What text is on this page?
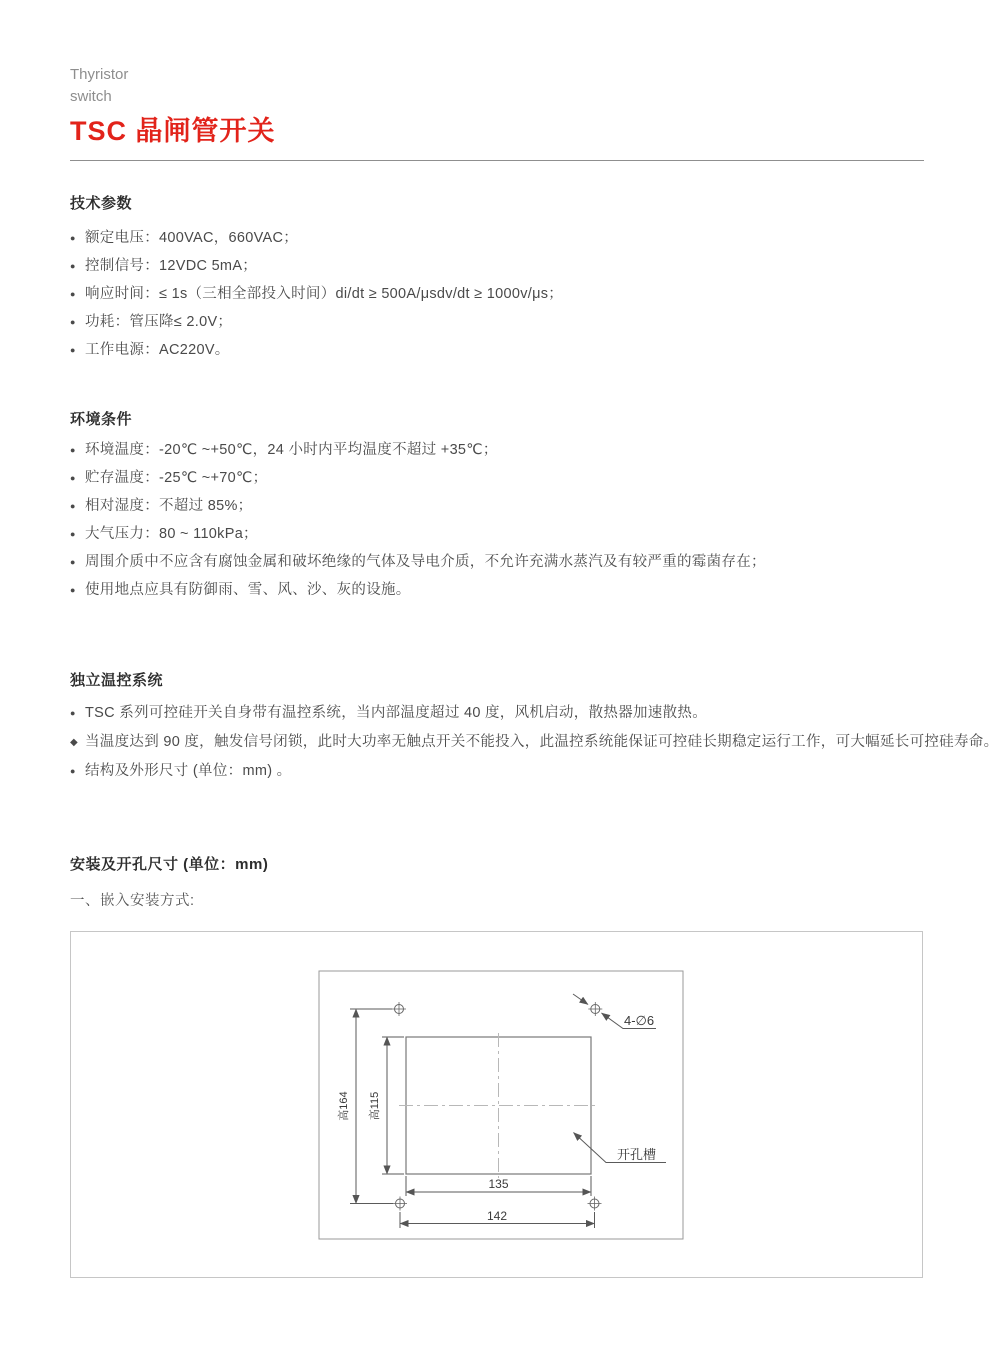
Thyristor
switch
TSC 晶闸管开关
技术参数
● 额定电压：400VAC，660VAC；
● 控制信号：12VDC 5mA；
● 响应时间：≤ 1s（三相全部投入时间）di/dt ≥ 500A/μsdv/dt ≥ 1000v/μs；
● 功耗：管压降≤ 2.0V；
● 工作电源：AC220V。
环境条件
● 环境温度：-20℃ ~+50℃，24 小时内平均温度不超过 +35℃；
● 贮存温度：-25℃ ~+70℃；
● 相对湿度：不超过 85%；
● 大气压力：80 ~ 110kPa；
● 周围介质中不应含有腐蚀金属和破坏绝缘的气体及导电介质，不允许充满水蒸汽及有较严重的霉菌存在；
● 使用地点应具有防御雨、雪、风、沙、灰的设施。
独立温控系统
● TSC 系列可控硅开关自身带有温控系统，当内部温度超过 40 度，风机启动，散热器加速散热。
◆ 当温度达到 90 度，触发信号闭锁，此时大功率无触点开关不能投入，此温控系统能保证可控硅长期稳定运行工作，可大幅延长可控硅寿命。
● 结构及外形尺寸 (单位：mm) 。
安装及开孔尺寸 (单位：mm)
一、嵌入安装方式:
高164 高115
135
142
4-∅6
开孔槽
